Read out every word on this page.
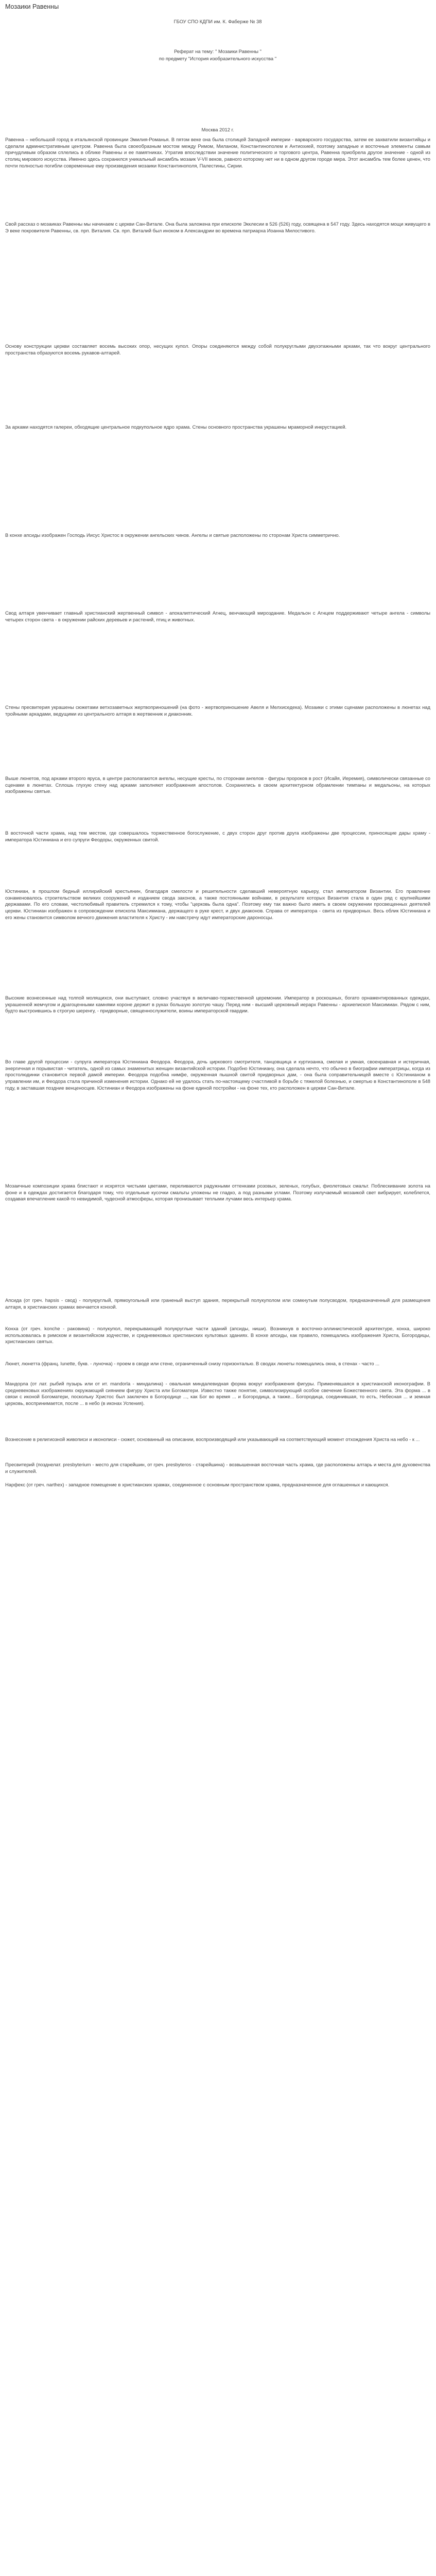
Мозаики Равенны
ГБОУ СПО КДПИ им. К. Фаберже № 38
Реферат на тему: " Мозаики Равенны "
по предмету "История изобразительного искусства "
Москва 2012 г.

Равенна – небольшой город в итальянской провинции Эмилия-Романья. В пятом веке она была столицей Западной империи - варварского государства, затем ее захватили византийцы и сделали административным центром. Равенна была своеобразным мостом между Римом, Миланом, Константинополем и Антиохией, поэтому западные и восточные элементы самым причудливым образом сплелись в облике Равенны и ее памятниках. Утратив впоследствии значение политического и торгового центра, Равенна приобрела другое значение - одной из столиц мирового искусства. Именно здесь сохранился уникальный ансамбль мозаик V-VII веков, равного которому нет ни в одном другом городе мира. Этот ансамбль тем более ценен, что почти полностью погибли современные ему произведения мозаики Константинополя, Палестины, Сирии.

Свой рассказ о мозаиках Равенны мы начинаем с церкви Сан-Витале. Она была заложена при епископе Экклесии в 526 (526) году, освящена в 547 году. Здесь находятся мощи живущего в Э веке покровителя Равенны, св. прп. Виталия. Св. прп. Виталий был иноком в Александрии во времена патриарха Иоанна Милостивого.

Основу конструкции церкви составляет восемь высоких опор, несущих купол. Опоры соединяются между собой полукруглыми двухэтажными арками, так что вокруг центрального пространства образуются восемь рукавов-алтарей.

За арками находятся галереи, обходящие центральное подкупольное ядро храма. Стены основного пространства украшены мраморной инкрустацией.

В конхе апсиды изображен Господь Иисус Христос в окружении ангельских чинов. Ангелы и святые расположены по сторонам Христа симметрично.

Свод алтаря увенчивает главный христианский жертвенный символ - апокалиптический Агнец, венчающий мироздание. Медальон с Агнцем поддерживают четыре ангела - символы четырех сторон света - в окружении райских деревьев и растений, птиц и животных.

Стены пресвитерия украшены сюжетами ветхозаветных жертвоприношений (на фото - жертвоприношение Авеля и Мелхиседека). Мозаики с этими сценами расположены в люнетах над тройными аркадами, ведущими из центрального алтаря в жертвенник и диаконник.

Выше люнетов, под арками второго яруса, в центре располагаются ангелы, несущие кресты, по сторонам ангелов - фигуры пророков в рост (Исайя, Иеремия), символически связанные со сценами в люнетах. Сплошь глухую стену над арками заполняют изображения апостолов. Сохранились в своем архитектурном обрамлении тимпаны и медальоны, на которых изображены святые.

В восточной части храма, над тем местом, где совершалось торжественное богослужение, с двух сторон друг против друга изображены две процессии, приносящие дары храму - императора Юстиниана и его супруги Феодоры, окруженных свитой.

Юстиниан, в прошлом бедный иллирийский крестьянин, благодаря смелости и решительности сделавший невероятную карьеру, стал императором Византии. Его правление ознаменовалось строительством великих сооружений и изданием свода законов, а также постоянными войнами, в результате которых Византия стала в один ряд с крупнейшими державами. По его словам, честолюбивый правитель стремился к тому, чтобы "церковь была одна". Поэтому ему так важно было иметь в своем окружении просвещенных деятелей церкви. Юстиниан изображен в сопровождении епископа Максимиана, держащего в руке крест, и двух диаконов. Справа от императора - свита из придворных. Весь облик Юстиниана и его жены становится символом вечного движения властителя к Христу - им навстречу идут императорские дароносцы.

Высокие вознесенные над толпой молящихся, они выступают, словно участвуя в величаво-торжественной церемонии. Император в роскошных, богато орнаментированных одеждах, украшенной жемчугом и драгоценными камнями короне держит в руках большую золотую чашу. Перед ним - высший церковный иерарх Равенны - архиепископ Максимиан. Рядом с ним, будто выстроившись в строгую шеренгу, - придворные, священнослужители, воины императорской гвардии.

Во главе другой процессии - супруга императора Юстиниана Феодора. Феодора, дочь циркового смотрителя, танцовщица и куртизанка, смелая и умная, своенравная и истеричная, энергичная и порывистая - читатель, одной из самых знаменитых женщин византийской истории. Подобно Юстиниану, она сделала нечто, что обычно в биографии императрицы, когда из простолюдинки становится первой дамой империи. Феодора подобна нимфе, окруженная пышной свитой придворных дам, - она была соправительницей вместе с Юстинианом в управлении им, и Феодора стала причиной изменения истории. Однако ей не удалось стать по-настоящему счастливой в борьбе с тяжелой болезнью, и смертью в Константинополе в 548 году, в заставшая поздние венценосцев. Юстиниан и Феодора изображены на фоне единой постройки - на фоне тех, кто расположен в церкви Сан-Витале.

Мозаичные композиции храма блистают и искрятся чистыми цветами, переливаются радужными оттенками розовых, зеленых, голубых, фиолетовых смальт. Поблескивание золота на фоне и в одеждах достигается благодаря тому, что отдельные кусочки смальты уложены не гладко, а под разными углами. Поэтому излучаемый мозаикой свет вибрирует, колеблется, создавая впечатление какой-то невидимой, чудесной атмосферы, которая пронизывает теплыми лучами весь интерьер храма.

Апсида (от греч. hapsis - свод) - полукруглый, прямоугольный или граненый выступ здания, перекрытый полукуполом или сомкнутым полусводом, предназначенный для размещения алтаря, в христианских храмах венчается конхой.

Конха (от греч. konche - раковина) - полукупол, перекрывающий полукруглые части зданий (апсиды, ниши). Возникнув в восточно-эллинистической архитектуре, конха, широко использовалась в римском и византийском зодчестве, и средневековых христианских культовых зданиях. В конхе апсиды, как правило, помещались изображения Христа, Богородицы, христианских святых.

Люнет, люнетта (франц. lunette, букв. - луночка) - проем в своде или стене, ограниченный снизу горизонталью. В сводах люнеты помещались окна, в стенах - часто ...

Мандорла (от лат. рыбий пузырь или от ит. mandorla - миндалина) - овальная миндалевидная форма вокруг изображения фигуры. Применявшаяся в христианской иконографии. В средневековых изображениях окружающий сиянием фигуру Христа или Богоматери. Известно также понятие, символизирующий особое свечение Божественного света. Эта форма ... в связи с иконой Богоматери, поскольку Христос был заключен в Богородице ..., как Бог во время ... и Богородица, а также... Богородица, соединившая, то есть, Небесная ... и земная церковь, воспринимается, после ... в небо (в иконах Успения).

Вознесение в религиозной живописи и иконописи - сюжет, основанный на описании, воспроизводящий или указывающий на соответствующий момент отхождения Христа на небо - к ...

Пресвитерий (позднелат. presbyterium - место для старейшин, от греч. presbyteros - старейшина) - возвышенная восточная часть храма, где расположены алтарь и места для духовенства и служителей.

Нарфекс (от греч. narthex) - западное помещение в христианских храмах, соединенное с основным пространством храма, предназначенное для оглашенных и кающихся.
